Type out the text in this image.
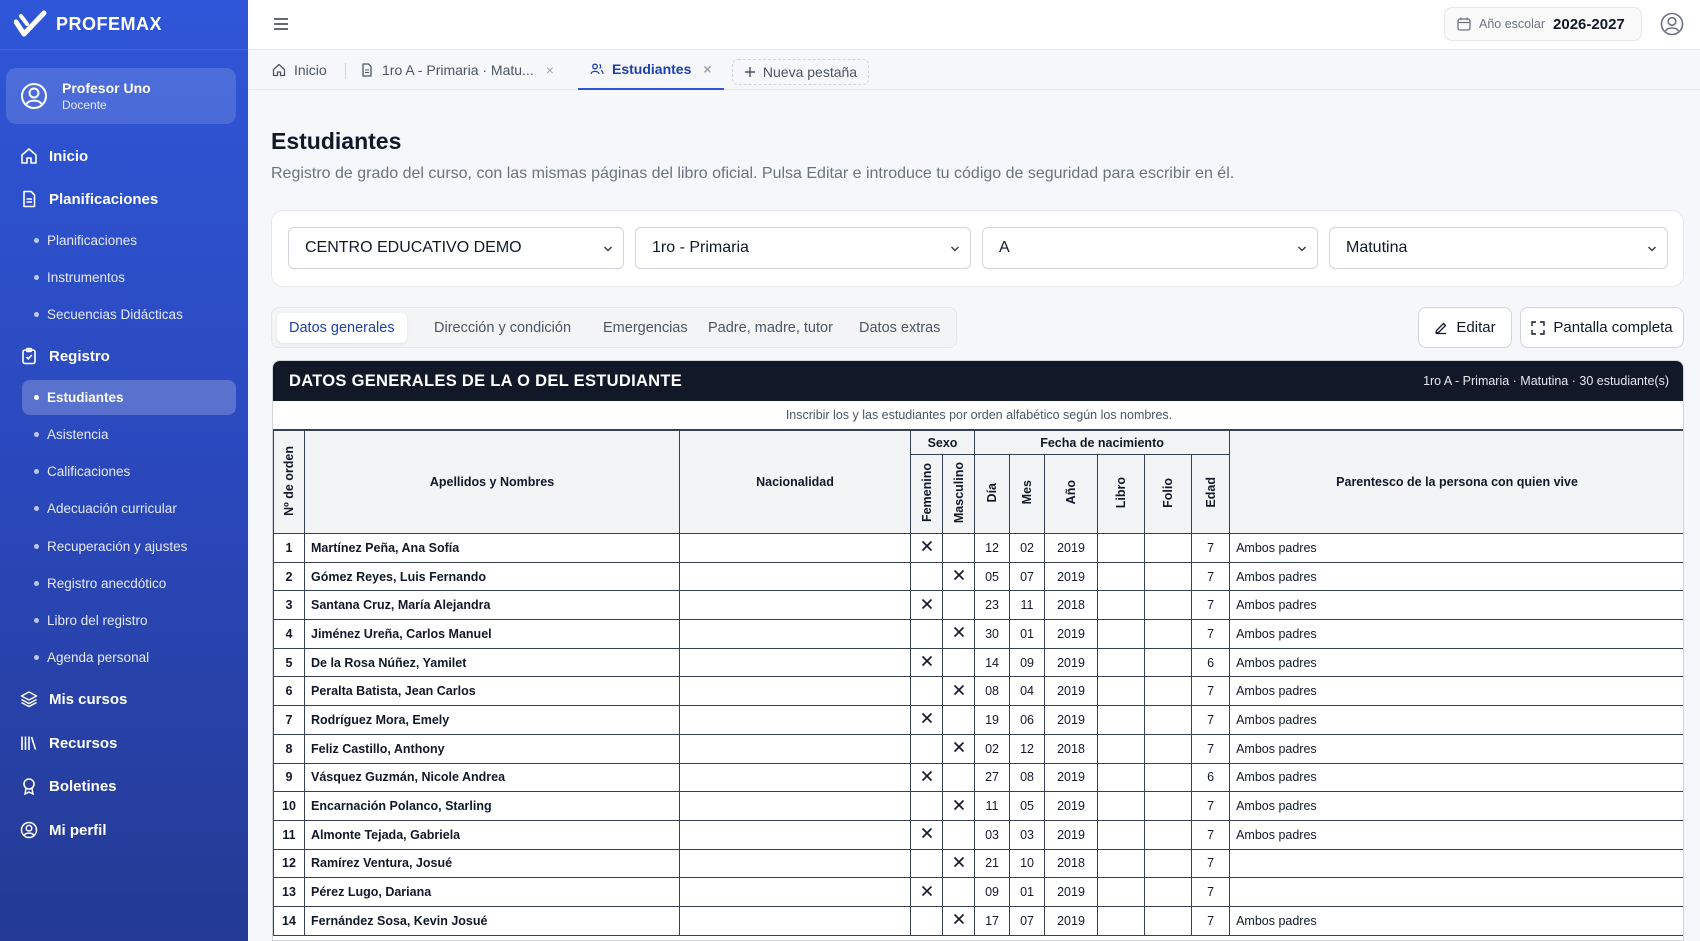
PROFEMAX
Profesor Uno
Docente
Inicio
Planificaciones
Planificaciones
Instrumentos
Secuencias Didácticas
Registro
Estudiantes
Asistencia
Calificaciones
Adecuación curricular
Recuperación y ajustes
Registro anecdótico
Libro del registro
Agenda personal
Mis cursos
Recursos
Boletines
Mi perfil
Año escolar 2026-2027
Inicio	1ro A - Primaria · Matu... ×	Estudiantes ×	Nueva pestaña
Estudiantes

Registro de grado del curso, con las mismas páginas del libro oficial. Pulsa Editar e introduce tu código de seguridad para escribir en él.

CENTRO EDUCATIVO DEMO	1ro - Primaria	A	Matutina
Datos generales	Dirección y condición	Emergencias	Padre, madre, tutor	Datos extras	Editar	Pantalla completa
DATOS GENERALES DE LA O DEL ESTUDIANTE	1ro A - Primaria · Matutina · 30 estudiante(s)
Inscribir los y las estudiantes por orden alfabético según los nombres.
Nº de orden	Apellidos y Nombres	Nacionalidad	Sexo		Fecha de nacimiento						Parentesco de la persona con quien vive
			Femenino	Masculino	Día	Mes	Año	Libro	Folio	Edad	
1	Martínez Peña, Ana Sofía				12	02	2019			7	Ambos padres
2	Gómez Reyes, Luis Fernando				05	07	2019			7	Ambos padres
3	Santana Cruz, María Alejandra				23	11	2018			7	Ambos padres
4	Jiménez Ureña, Carlos Manuel				30	01	2019			7	Ambos padres
5	De la Rosa Núñez, Yamilet				14	09	2019			6	Ambos padres
6	Peralta Batista, Jean Carlos				08	04	2019			7	Ambos padres
7	Rodríguez Mora, Emely				19	06	2019			7	Ambos padres
8	Feliz Castillo, Anthony				02	12	2018			7	Ambos padres
9	Vásquez Guzmán, Nicole Andrea				27	08	2019			6	Ambos padres
10	Encarnación Polanco, Starling				11	05	2019			7	Ambos padres
11	Almonte Tejada, Gabriela				03	03	2019			7	Ambos padres
12	Ramírez Ventura, Josué				21	10	2018			7	
13	Pérez Lugo, Dariana				09	01	2019			7	
14	Fernández Sosa, Kevin Josué				17	07	2019			7	Ambos padres
